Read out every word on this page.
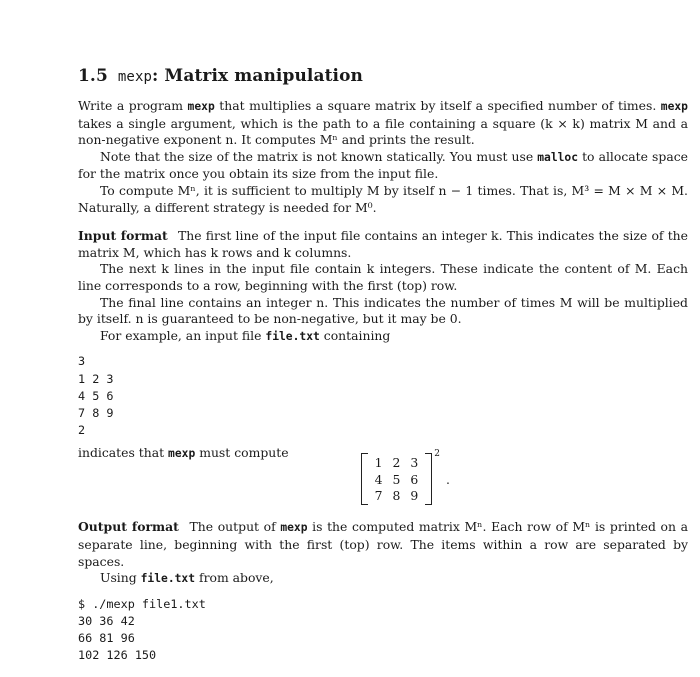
1.5 mexp: Matrix manipulation

Write a program mexp that multiplies a square matrix by itself a specified number of times. mexp takes a single argument, which is the path to a file containing a square (k × k) matrix M and a non-negative exponent n. It computes Mⁿ and prints the result.

Note that the size of the matrix is not known statically. You must use malloc to allocate space for the matrix once you obtain its size from the input file.

To compute Mⁿ, it is sufficient to multiply M by itself n − 1 times. That is, M³ = M × M × M. Naturally, a different strategy is needed for M⁰.

Input format The first line of the input file contains an integer k. This indicates the size of the matrix M, which has k rows and k columns.

The next k lines in the input file contain k integers. These indicate the content of M. Each line corresponds to a row, beginning with the first (top) row.

The final line contains an integer n. This indicates the number of times M will be multiplied by itself. n is guaranteed to be non-negative, but it may be 0.

For example, an input file file.txt containing

3
1 2 3
4 5 6
7 8 9
2

indicates that mexp must compute

1	2	3
4	5	6
7	8	9
2
.

Output format The output of mexp is the computed matrix Mⁿ. Each row of Mⁿ is printed on a separate line, beginning with the first (top) row. The items within a row are separated by spaces.

Using file.txt from above,

$ ./mexp file1.txt
30 36 42
66 81 96
102 126 150
